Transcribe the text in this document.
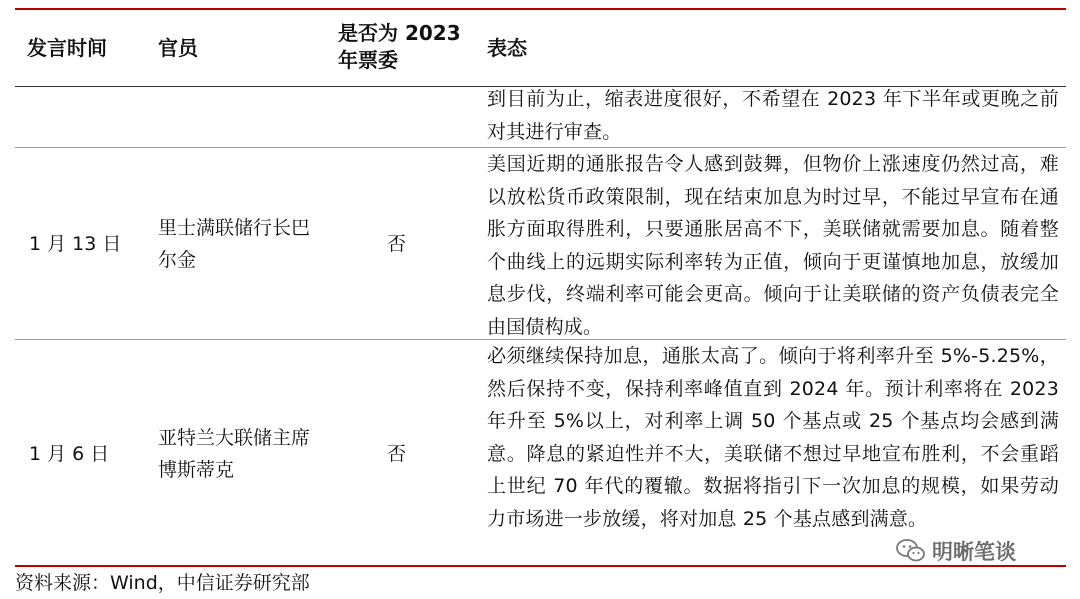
发言时间	官员
是否为 2023 年票委	表态
到目前为止，缩表进度很好，不希望在 2023 年下半年或更晚之前对其进行审查。
1 月 13 日
里士满联储行长巴尔金
否
美国近期的通胀报告令人感到鼓舞，但物价上涨速度仍然过高，难以放松货币政策限制，现在结束加息为时过早，不能过早宣布在通胀方面取得胜利，只要通胀居高不下，美联储就需要加息。随着整个曲线上的远期实际利率转为正值，倾向于更谨慎地加息，放缓加息步伐，终端利率可能会更高。倾向于让美联储的资产负债表完全由国债构成。
1 月 6 日
亚特兰大联储主席博斯蒂克
否
必须继续保持加息，通胀太高了。倾向于将利率升至 5%-5.25%，然后保持不变，保持利率峰值直到 2024 年。预计利率将在 2023 年升至 5%以上，对利率上调 50 个基点或 25 个基点均会感到满意。降息的紧迫性并不大，美联储不想过早地宣布胜利，不会重蹈上世纪 70 年代的覆辙。数据将指引下一次加息的规模，如果劳动力市场进一步放缓，将对加息 25 个基点感到满意。
明晰笔谈
资料来源：Wind，中信证券研究部
